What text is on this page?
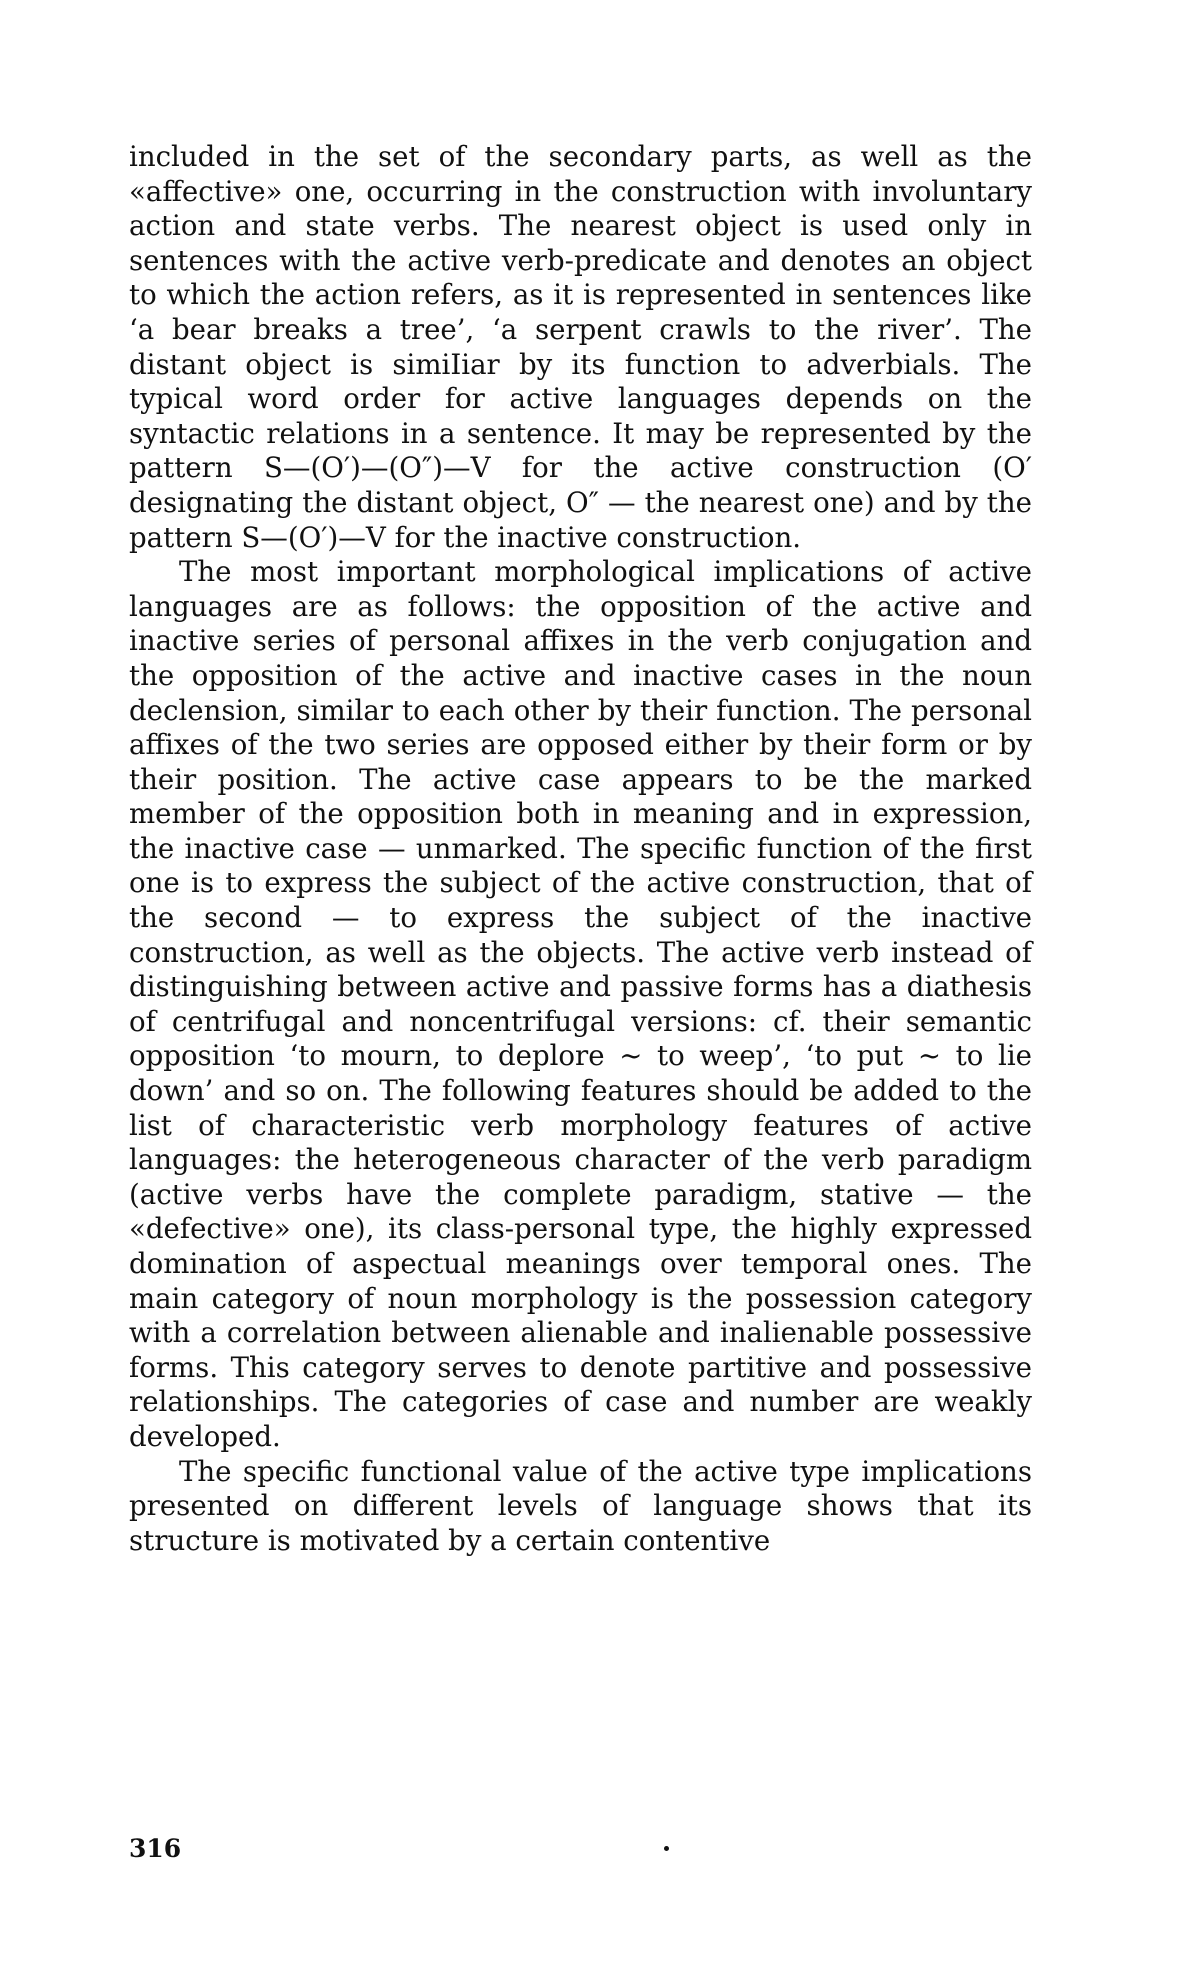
included in the set of the secondary parts, as well as the «affective» one, occurring in the construction with involuntary action and state verbs. The nearest object is used only in sentences with the active verb-predicate and denotes an object to which the action refers, as it is represented in sentences like ‘a bear breaks a tree’, ‘a serpent crawls to the river’. The distant object is simiIiar by its function to adverbials. The typical word order for active languages depends on the syntactic relations in a sentence. It may be represented by the pattern S—(O′)—(O″)—V for the active construction (O′ designating the distant object, O″ — the nearest one) and by the pattern S—(O′)—V for the inactive construction.

The most important morphological implications of active languages are as follows: the opposition of the active and inactive series of personal affixes in the verb conjugation and the opposition of the active and inactive cases in the noun declension, similar to each other by their function. The personal affixes of the two series are opposed either by their form or by their position. The active case appears to be the marked member of the opposition both in meaning and in expression, the inactive case — unmarked. The specific function of the first one is to express the subject of the active construction, that of the second — to express the subject of the inactive construction, as well as the objects. The active verb instead of distinguishing between active and passive forms has a diathesis of centrifugal and noncentrifugal versions: cf. their semantic opposition ‘to mourn, to deplore ~ to weep’, ‘to put ~ to lie down’ and so on. The following features should be added to the list of characteristic verb morphology features of active languages: the heterogeneous character of the verb paradigm (active verbs have the complete paradigm, stative — the «defective» one), its class-personal type, the highly expressed domination of aspectual meanings over temporal ones. The main category of noun morphology is the possession category with a correlation between alienable and inalienable possessive forms. This category serves to denote partitive and possessive relationships. The categories of case and number are weakly developed.

The specific functional value of the active type implications presented on different levels of language shows that its structure is motivated by a certain contentive

316
